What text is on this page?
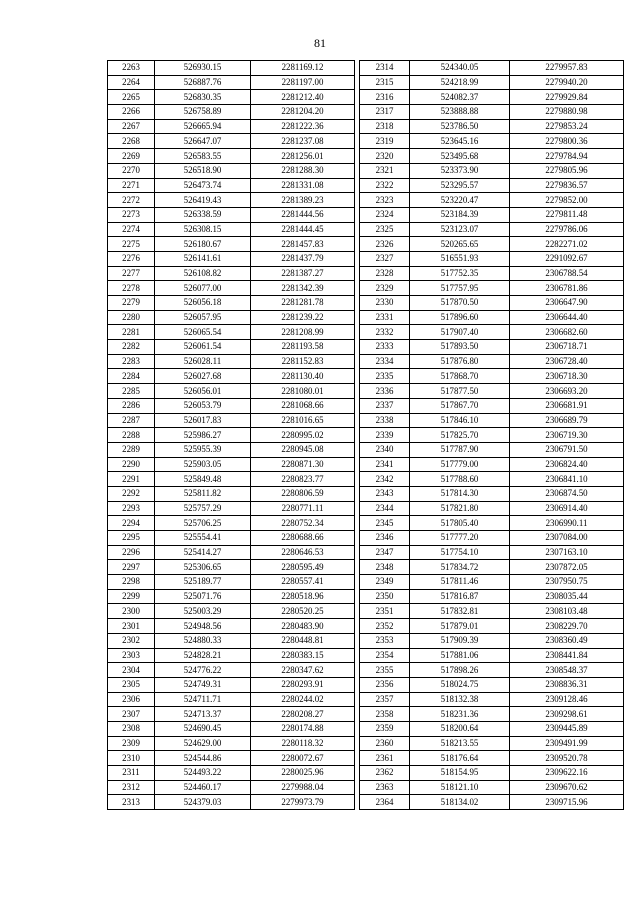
81
2263	526930.15	2281169.12
2264	526887.76	2281197.00
2265	526830.35	2281212.40
2266	526758.89	2281204.20
2267	526665.94	2281222.36
2268	526647.07	2281237.08
2269	526583.55	2281256.01
2270	526518.90	2281288.30
2271	526473.74	2281331.08
2272	526419.43	2281389.23
2273	526338.59	2281444.56
2274	526308.15	2281444.45
2275	526180.67	2281457.83
2276	526141.61	2281437.79
2277	526108.82	2281387.27
2278	526077.00	2281342.39
2279	526056.18	2281281.78
2280	526057.95	2281239.22
2281	526065.54	2281208.99
2282	526061.54	2281193.58
2283	526028.11	2281152.83
2284	526027.68	2281130.40
2285	526056.01	2281080.01
2286	526053.79	2281068.66
2287	526017.83	2281016.65
2288	525986.27	2280995.02
2289	525955.39	2280945.08
2290	525903.05	2280871.30
2291	525849.48	2280823.77
2292	525811.82	2280806.59
2293	525757.29	2280771.11
2294	525706.25	2280752.34
2295	525554.41	2280688.66
2296	525414.27	2280646.53
2297	525306.65	2280595.49
2298	525189.77	2280557.41
2299	525071.76	2280518.96
2300	525003.29	2280520.25
2301	524948.56	2280483.90
2302	524880.33	2280448.81
2303	524828.21	2280383.15
2304	524776.22	2280347.62
2305	524749.31	2280293.91
2306	524711.71	2280244.02
2307	524713.37	2280208.27
2308	524690.45	2280174.88
2309	524629.00	2280118.32
2310	524544.86	2280072.67
2311	524493.22	2280025.96
2312	524460.17	2279988.04
2313	524379.03	2279973.79
2314	524340.05	2279957.83
2315	524218.99	2279940.20
2316	524082.37	2279929.84
2317	523888.88	2279880.98
2318	523786.50	2279853.24
2319	523645.16	2279800.36
2320	523495.68	2279784.94
2321	523373.90	2279805.96
2322	523295.57	2279836.57
2323	523220.47	2279852.00
2324	523184.39	2279811.48
2325	523123.07	2279786.06
2326	520265.65	2282271.02
2327	516551.93	2291092.67
2328	517752.35	2306788.54
2329	517757.95	2306781.86
2330	517870.50	2306647.90
2331	517896.60	2306644.40
2332	517907.40	2306682.60
2333	517893.50	2306718.71
2334	517876.80	2306728.40
2335	517868.70	2306718.30
2336	517877.50	2306693.20
2337	517867.70	2306681.91
2338	517846.10	2306689.79
2339	517825.70	2306719.30
2340	517787.90	2306791.50
2341	517779.00	2306824.40
2342	517788.60	2306841.10
2343	517814.30	2306874.50
2344	517821.80	2306914.40
2345	517805.40	2306990.11
2346	517777.20	2307084.00
2347	517754.10	2307163.10
2348	517834.72	2307872.05
2349	517811.46	2307950.75
2350	517816.87	2308035.44
2351	517832.81	2308103.48
2352	517879.01	2308229.70
2353	517909.39	2308360.49
2354	517881.06	2308441.84
2355	517898.26	2308548.37
2356	518024.75	2308836.31
2357	518132.38	2309128.46
2358	518231.36	2309298.61
2359	518200.64	2309445.89
2360	518213.55	2309491.99
2361	518176.64	2309520.78
2362	518154.95	2309622.16
2363	518121.10	2309670.62
2364	518134.02	2309715.96
